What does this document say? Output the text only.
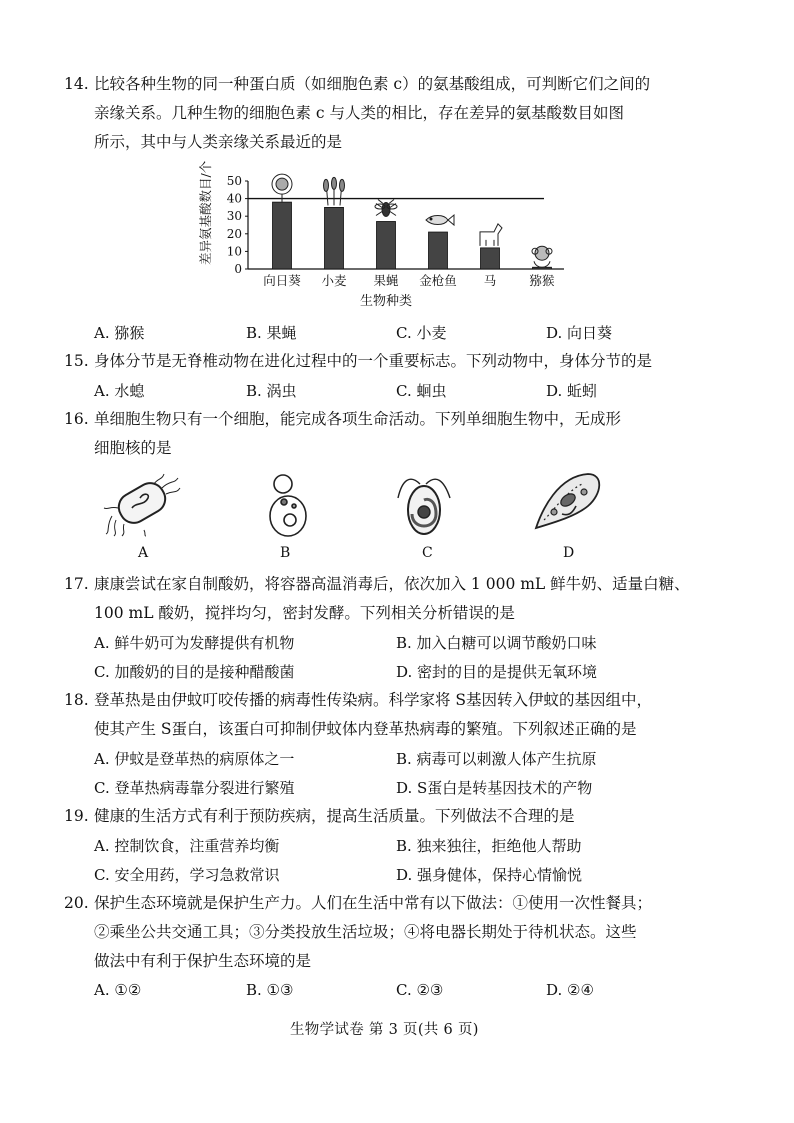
14. 比较各种生物的同一种蛋白质（如细胞色素 c）的氨基酸组成，可判断它们之间的
亲缘关系。几种生物的细胞色素 c 与人类的相比，存在差异的氨基酸数目如图
所示，其中与人类亲缘关系最近的是
0
10
20
30
40
50
差异氨基酸数目/个
向日葵 小麦 果蝇 金枪鱼 马	猕猴
生物种类
A. 猕猴	B. 果蝇	C. 小麦	D. 向日葵
15. 身体分节是无脊椎动物在进化过程中的一个重要标志。下列动物中，身体分节的是
A. 水螅	B. 涡虫	C. 蛔虫	D. 蚯蚓
16. 单细胞生物只有一个细胞，能完成各项生命活动。下列单细胞生物中，无成形
细胞核的是
A	B	C	D
17. 康康尝试在家自制酸奶，将容器高温消毒后，依次加入 1 000 mL 鲜牛奶、适量白糖、
100 mL 酸奶，搅拌均匀，密封发酵。下列相关分析错误的是
A. 鲜牛奶可为发酵提供有机物	B. 加入白糖可以调节酸奶口味
C. 加酸奶的目的是接种醋酸菌	D. 密封的目的是提供无氧环境
18. 登革热是由伊蚊叮咬传播的病毒性传染病。科学家将 S基因转入伊蚊的基因组中，
使其产生 S蛋白，该蛋白可抑制伊蚊体内登革热病毒的繁殖。下列叙述正确的是
A. 伊蚊是登革热的病原体之一	B. 病毒可以刺激人体产生抗原
C. 登革热病毒靠分裂进行繁殖	D. S蛋白是转基因技术的产物
19. 健康的生活方式有利于预防疾病，提高生活质量。下列做法不合理的是
A. 控制饮食，注重营养均衡	B. 独来独往，拒绝他人帮助
C. 安全用药，学习急救常识	D. 强身健体，保持心情愉悦
20. 保护生态环境就是保护生产力。人们在生活中常有以下做法：①使用一次性餐具；
②乘坐公共交通工具；③分类投放生活垃圾；④将电器长期处于待机状态。这些
做法中有利于保护生态环境的是
A. ①②	B. ①③	C. ②③	D. ②④
生物学试卷 第 3 页(共 6 页)
